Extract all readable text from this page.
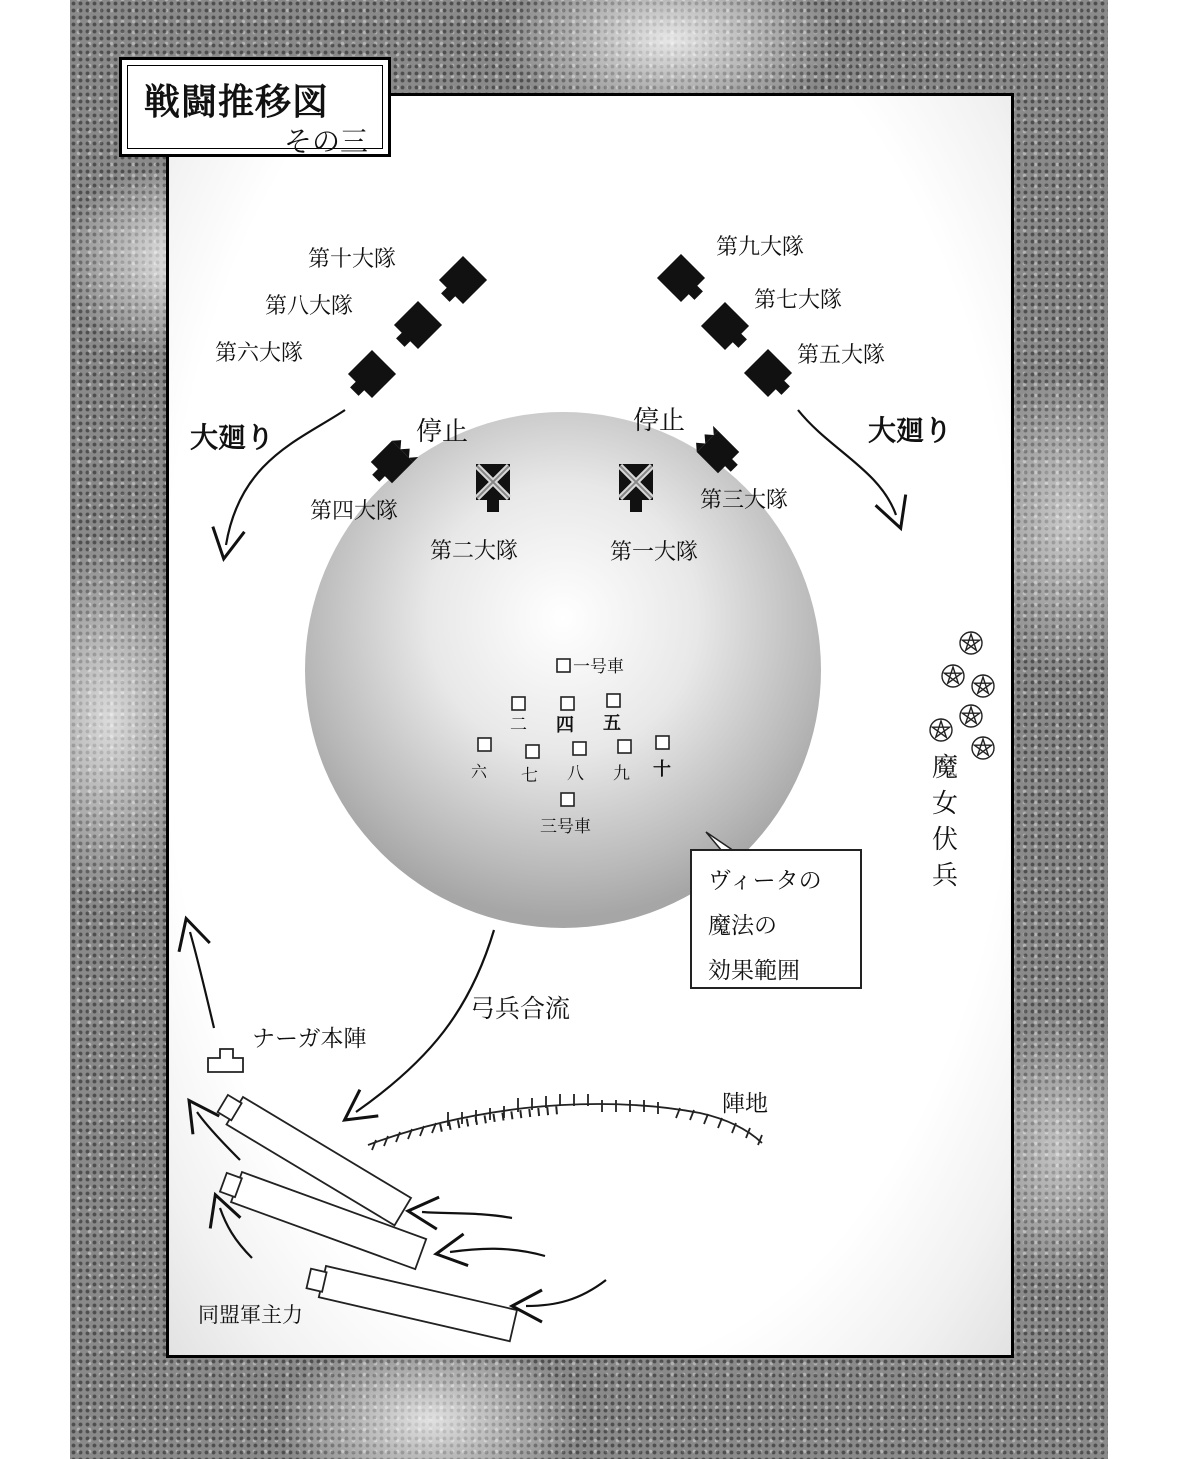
第十大隊
第八大隊
第六大隊
第九大隊
第七大隊
第五大隊
第四大隊	第三大隊
第二大隊	第一大隊
大廻り	大廻り
停止	停止
一号車
二 四 五
六 七 八 九 十
三号車
弓兵合流
ナーガ本陣
陣地
同盟軍主力
戦闘推移図
その三
ヴィータの
魔法の
効果範囲
魔
女
伏
兵
